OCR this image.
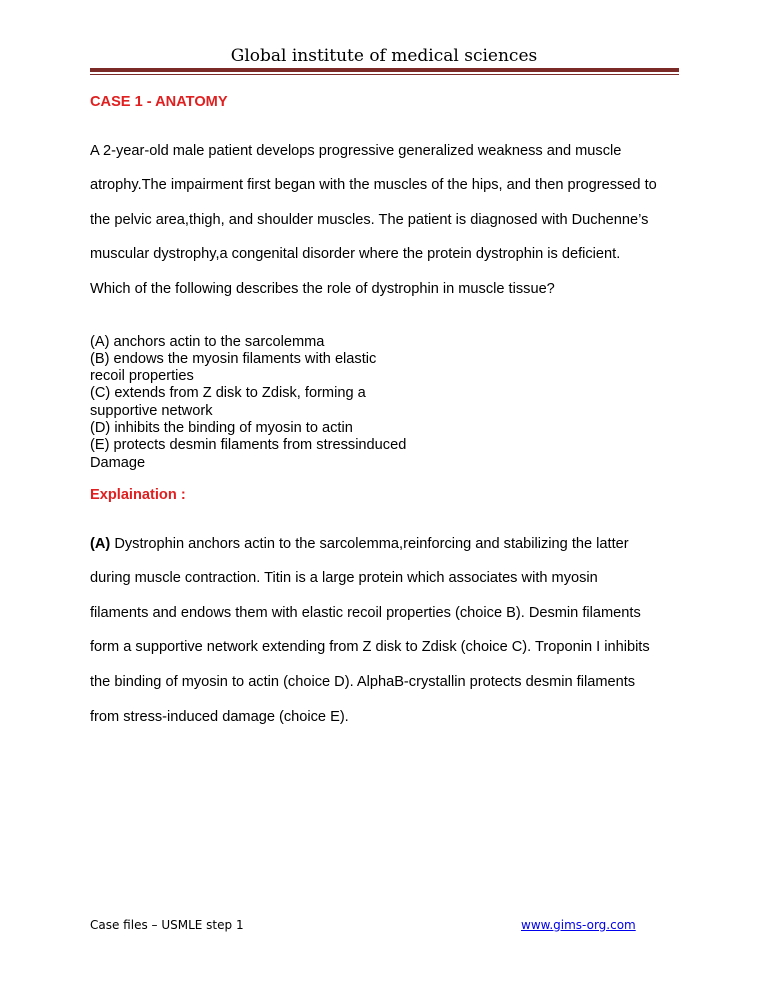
Global institute of medical sciences
CASE 1 - ANATOMY

A 2-year-old male patient develops progressive generalized weakness and muscle

atrophy.The impairment first began with the muscles of the hips, and then progressed to

the pelvic area,thigh, and shoulder muscles. The patient is diagnosed with Duchenne’s

muscular dystrophy,a congenital disorder where the protein dystrophin is deficient.

Which of the following describes the role of dystrophin in muscle tissue?

(A) anchors actin to the sarcolemma
(B) endows the myosin filaments with elastic
recoil properties
(C) extends from Z disk to Zdisk, forming a
supportive network
(D) inhibits the binding of myosin to actin
(E) protects desmin filaments from stressinduced
Damage
Explaination :

(A) Dystrophin anchors actin to the sarcolemma,reinforcing and stabilizing the latter

during muscle contraction. Titin is a large protein which associates with myosin

filaments and endows them with elastic recoil properties (choice B). Desmin filaments

form a supportive network extending from Z disk to Zdisk (choice C). Troponin I inhibits

the binding of myosin to actin (choice D). AlphaB-crystallin protects desmin filaments

from stress-induced damage (choice E).

Case files – USMLE step 1	www.gims-org.com
